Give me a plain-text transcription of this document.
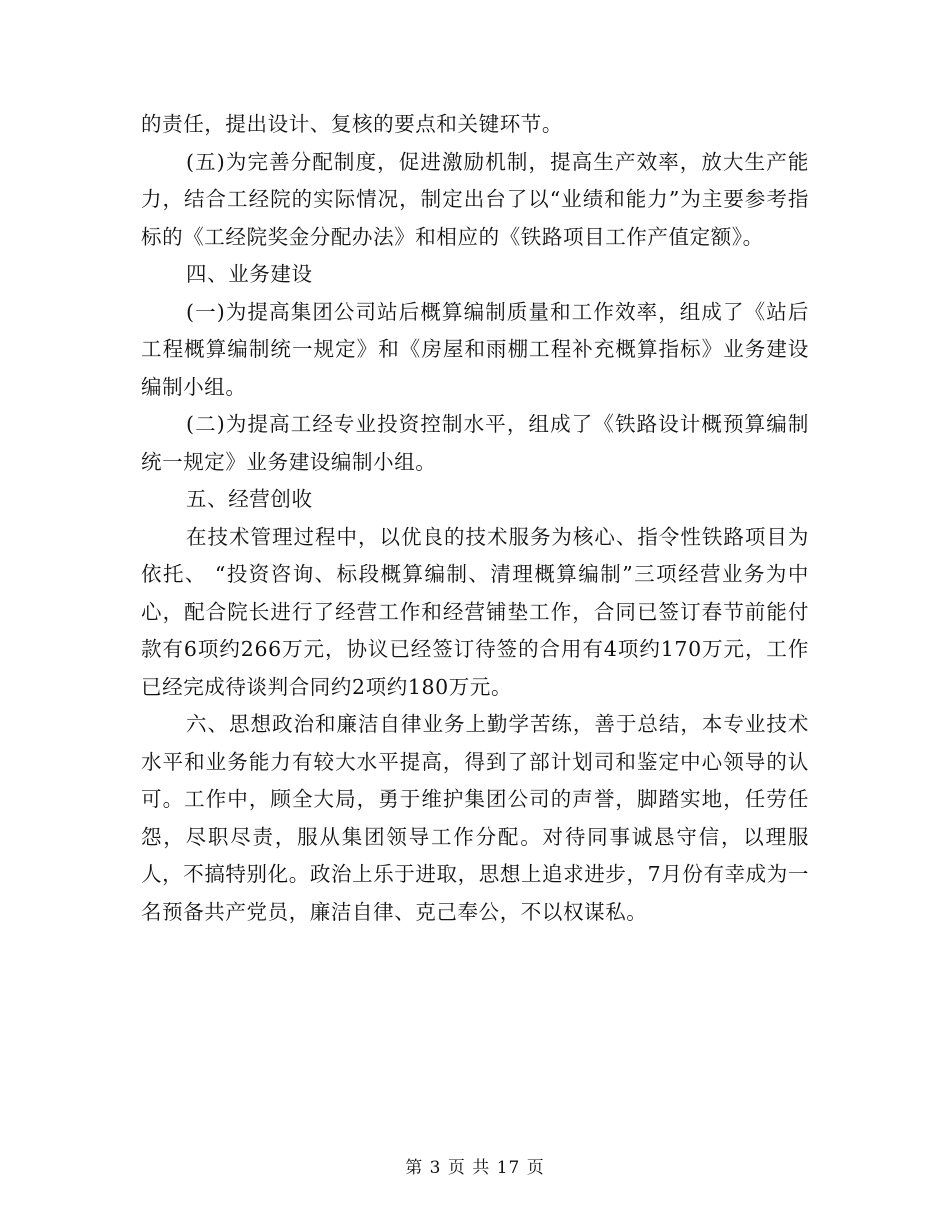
的责任，提出设计、复核的要点和关键环节。

(五)为完善分配制度，促进激励机制，提高生产效率，放大生产能力，结合工经院的实际情况，制定出台了以“业绩和能力”为主要参考指标的《工经院奖金分配办法》和相应的《铁路项目工作产值定额》。

四、业务建设

(一)为提高集团公司站后概算编制质量和工作效率，组成了《站后工程概算编制统一规定》和《房屋和雨棚工程补充概算指标》业务建设编制小组。

(二)为提高工经专业投资控制水平，组成了《铁路设计概预算编制统一规定》业务建设编制小组。

五、经营创收

在技术管理过程中，以优良的技术服务为核心、指令性铁路项目为依托、 “投资咨询、标段概算编制、清理概算编制”三项经营业务为中心，配合院长进行了经营工作和经营铺垫工作，合同已签订春节前能付款有6项约266万元，协议已经签订待签的合用有4项约170万元，工作已经完成待谈判合同约2项约180万元。

六、思想政治和廉洁自律业务上勤学苦练，善于总结，本专业技术水平和业务能力有较大水平提高，得到了部计划司和鉴定中心领导的认可。工作中，顾全大局，勇于维护集团公司的声誉，脚踏实地，任劳任怨，尽职尽责，服从集团领导工作分配。对待同事诚恳守信，以理服人，不搞特别化。政治上乐于进取，思想上追求进步，7月份有幸成为一名预备共产党员，廉洁自律、克己奉公，不以权谋私。

第 3 页 共 17 页
